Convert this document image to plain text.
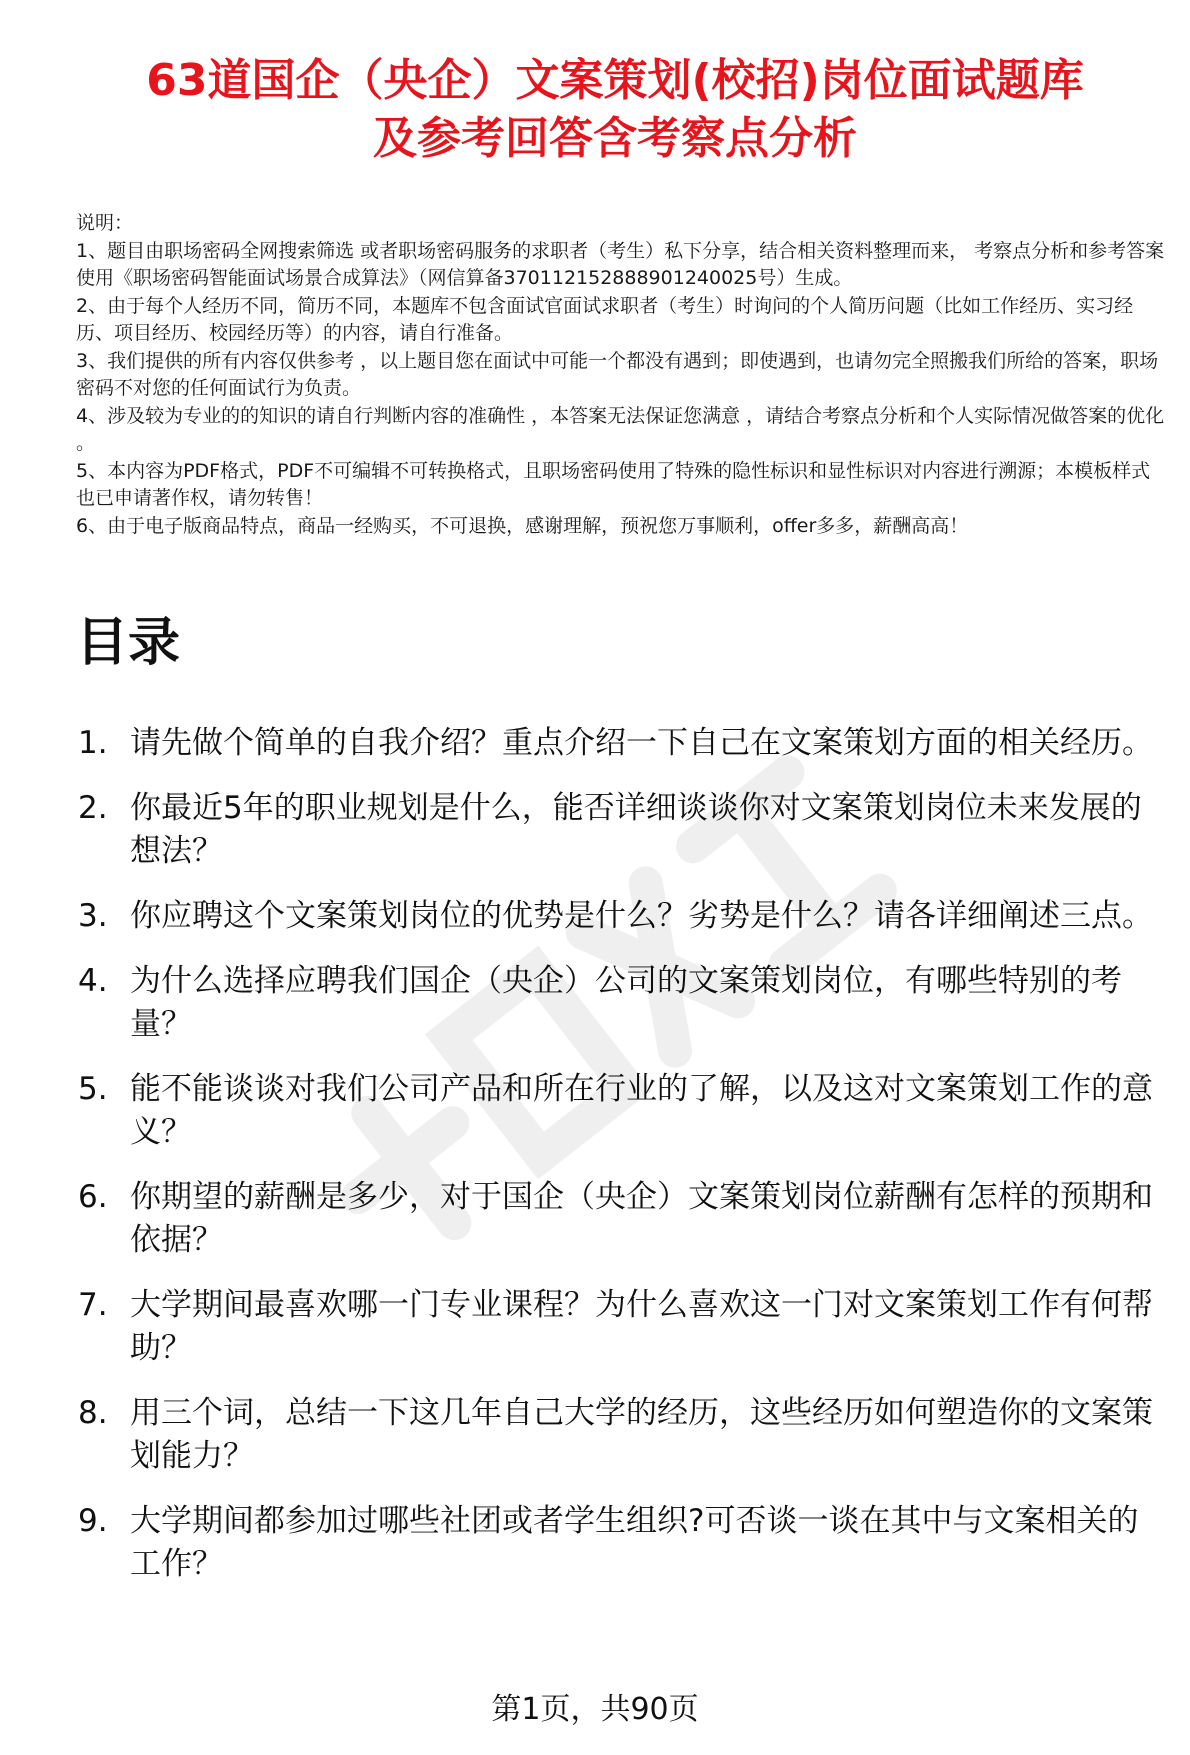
63道国企（央企）文案策划(校招)岗位面试题库
及参考回答含考察点分析

说明：

1、题目由职场密码全网搜索筛选 或者职场密码服务的求职者（考生）私下分享，结合相关资料整理而来， 考察点分析和参考答案使用《职场密码智能面试场景合成算法》（网信算备370112152888901240025号）生成。

2、由于每个人经历不同，简历不同，本题库不包含面试官面试求职者（考生）时询问的个人简历问题（比如工作经历、实习经历、项目经历、校园经历等）的内容，请自行准备。

3、我们提供的所有内容仅供参考 ，以上题目您在面试中可能一个都没有遇到；即使遇到，也请勿完全照搬我们所给的答案，职场密码不对您的任何面试行为负责。

4、涉及较为专业的的知识的请自行判断内容的准确性 ，本答案无法保证您满意 ，请结合考察点分析和个人实际情况做答案的优化 。

5、本内容为PDF格式，PDF不可编辑不可转换格式，且职场密码使用了特殊的隐性标识和显性标识对内容进行溯源；本模板样式也已申请著作权，请勿转售！

6、由于电子版商品特点，商品一经购买，不可退换，感谢理解，预祝您万事顺利，offer多多，薪酬高高！

目录
1. 请先做个简单的自我介绍？重点介绍一下自己在文案策划方面的相关经历。
2. 你最近5年的职业规划是什么，能否详细谈谈你对文案策划岗位未来发展的想法？
3. 你应聘这个文案策划岗位的优势是什么？劣势是什么？请各详细阐述三点。
4. 为什么选择应聘我们国企（央企）公司的文案策划岗位，有哪些特别的考量？
5. 能不能谈谈对我们公司产品和所在行业的了解，以及这对文案策划工作的意义？
6. 你期望的薪酬是多少，对于国企（央企）文案策划岗位薪酬有怎样的预期和依据？
7. 大学期间最喜欢哪一门专业课程？为什么喜欢这一门对文案策划工作有何帮助？
8. 用三个词，总结一下这几年自己大学的经历，这些经历如何塑造你的文案策划能力？
9. 大学期间都参加过哪些社团或者学生组织?可否谈一谈在其中与文案相关的工作？
第1页，共90页
